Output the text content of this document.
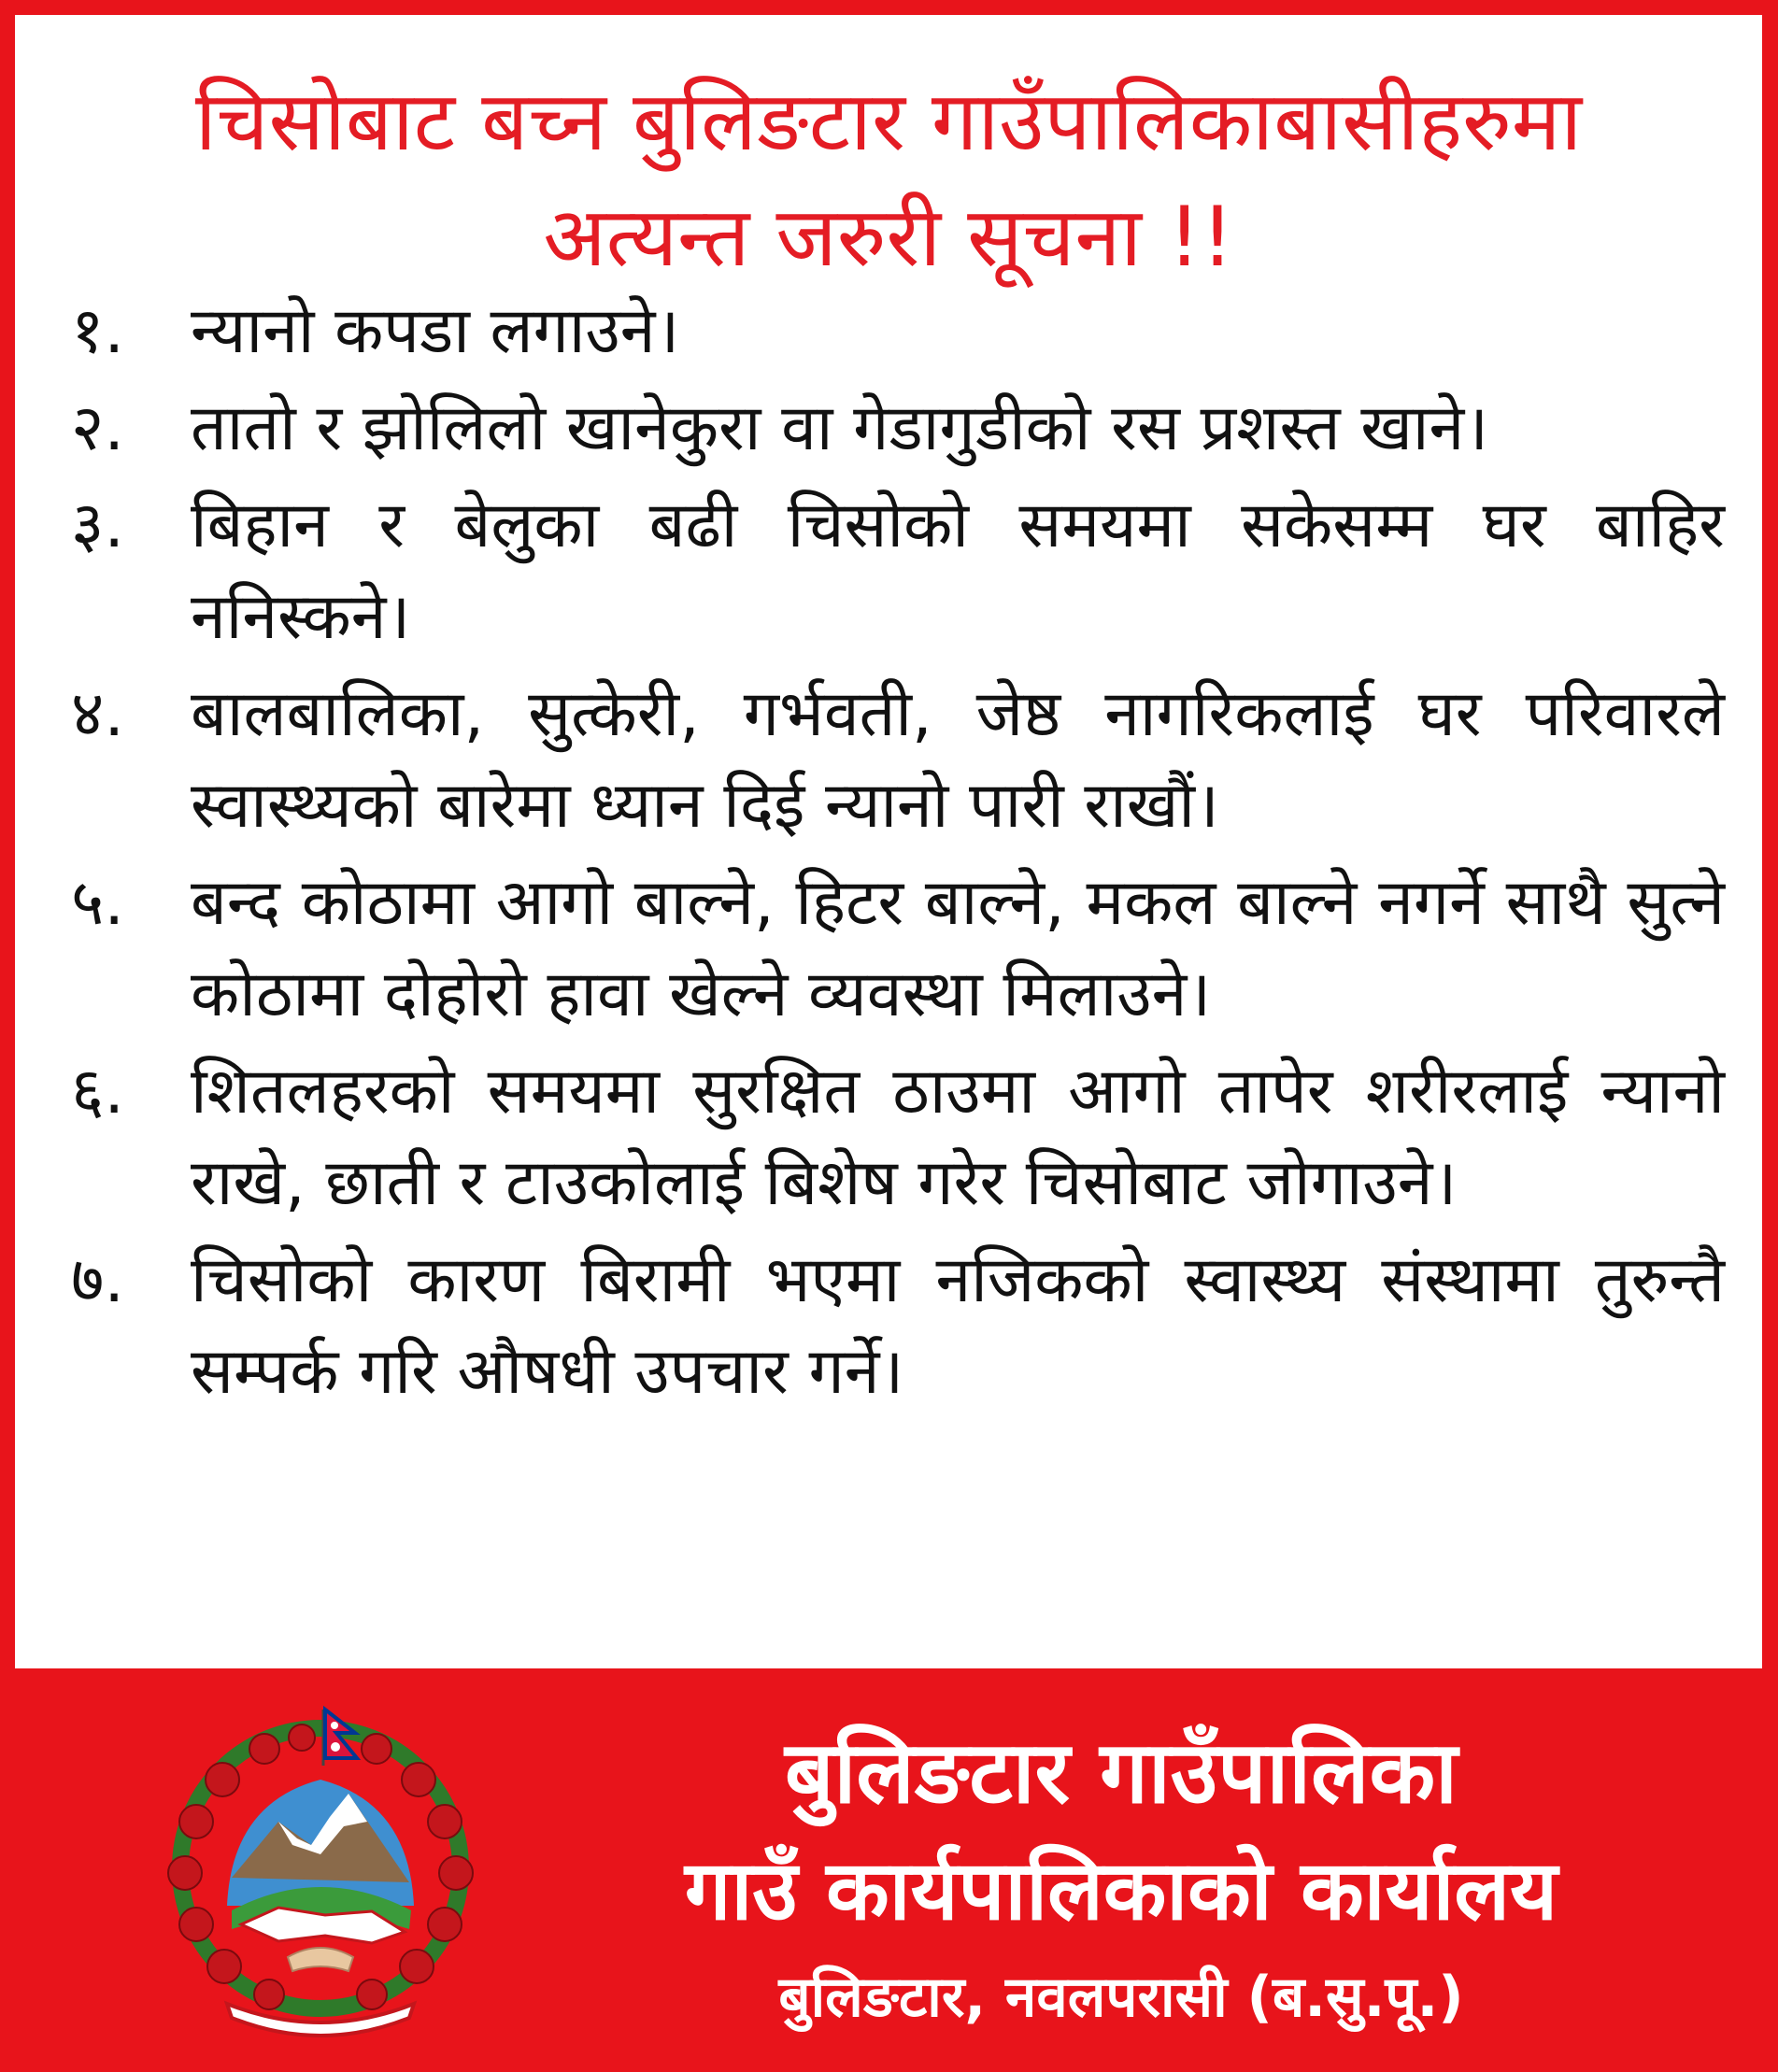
चिसोबाट बच्न बुलिङटार गाउँपालिकाबासीहरुमा
अत्यन्त जरुरी सूचना !!
१.	न्यानो कपडा लगाउने।
२.	तातो र झोलिलो खानेकुरा वा गेडागुडीको रस प्रशस्त खाने।
३.	बिहान र बेलुका बढी चिसोको समयमा सकेसम्म घर बाहिर ननिस्कने।
४.	बालबालिका, सुत्केरी, गर्भवती, जेष्ठ नागरिकलाई घर परिवारले स्वास्थ्यको बारेमा ध्यान दिई न्यानो पारी राखौं।
५.	बन्द कोठामा आगो बाल्ने, हिटर बाल्ने, मकल बाल्ने नगर्ने साथै सुत्ने कोठामा दोहोरो हावा खेल्ने व्यवस्था मिलाउने।
६.	शितलहरको समयमा सुरक्षित ठाउमा आगो तापेर शरीरलाई न्यानो राखे, छाती र टाउकोलाई बिशेष गरेर चिसोबाट जोगाउने।
७.	चिसोको कारण बिरामी भएमा नजिकको स्वास्थ्य संस्थामा तुरुन्तै सम्पर्क गरि औषधी उपचार गर्ने।
बुलिङटार गाउँपालिका
गाउँ कार्यपालिकाको कार्यालय
बुलिङटार, नवलपरासी (ब.सु.पू.)
